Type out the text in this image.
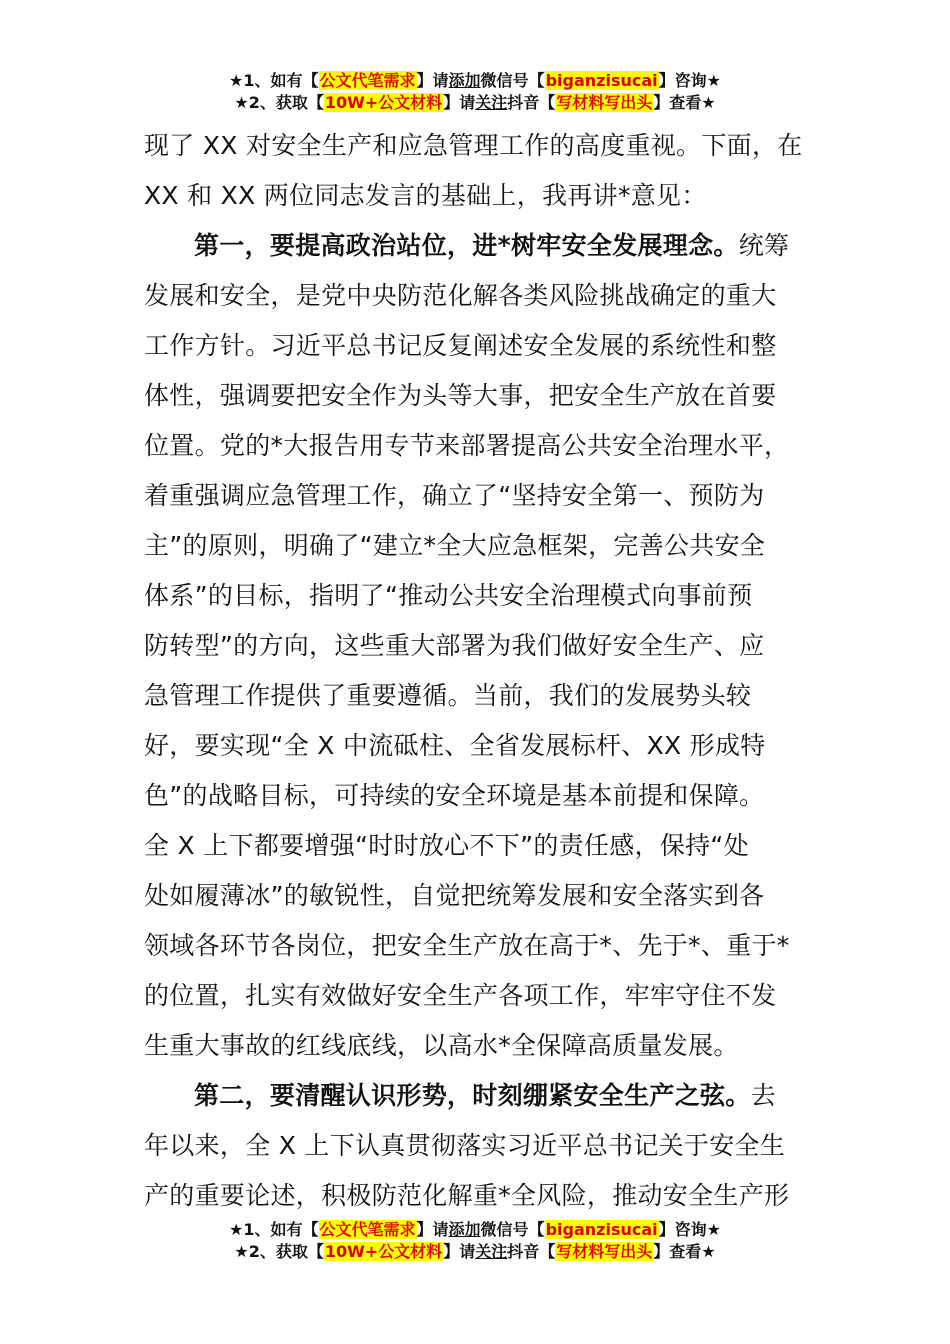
★1、如有【公文代笔需求】请添加微信号【biganzisucai】咨询★
★2、获取【10W+公文材料】请关注抖音【写材料写出头】查看★
现了 XX 对安全生产和应急管理工作的高度重视。下面，在
XX 和 XX 两位同志发言的基础上，我再讲*意见：
第一，要提高政治站位，进*树牢安全发展理念。统筹
发展和安全，是党中央防范化解各类风险挑战确定的重大
工作方针。习近平总书记反复阐述安全发展的系统性和整
体性，强调要把安全作为头等大事，把安全生产放在首要
位置。党的*大报告用专节来部署提高公共安全治理水平，
着重强调应急管理工作，确立了“坚持安全第一、预防为
主”的原则，明确了“建立*全大应急框架，完善公共安全
体系”的目标，指明了“推动公共安全治理模式向事前预
防转型”的方向，这些重大部署为我们做好安全生产、应
急管理工作提供了重要遵循。当前，我们的发展势头较
好，要实现“全 X 中流砥柱、全省发展标杆、XX 形成特
色”的战略目标，可持续的安全环境是基本前提和保障。
全 X 上下都要增强“时时放心不下”的责任感，保持“处
处如履薄冰”的敏锐性，自觉把统筹发展和安全落实到各
领域各环节各岗位，把安全生产放在高于*、先于*、重于*
的位置，扎实有效做好安全生产各项工作，牢牢守住不发
生重大事故的红线底线，以高水*全保障高质量发展。
第二，要清醒认识形势，时刻绷紧安全生产之弦。去
年以来，全 X 上下认真贯彻落实习近平总书记关于安全生
产的重要论述，积极防范化解重*全风险，推动安全生产形
★1、如有【公文代笔需求】请添加微信号【biganzisucai】咨询★
★2、获取【10W+公文材料】请关注抖音【写材料写出头】查看★
